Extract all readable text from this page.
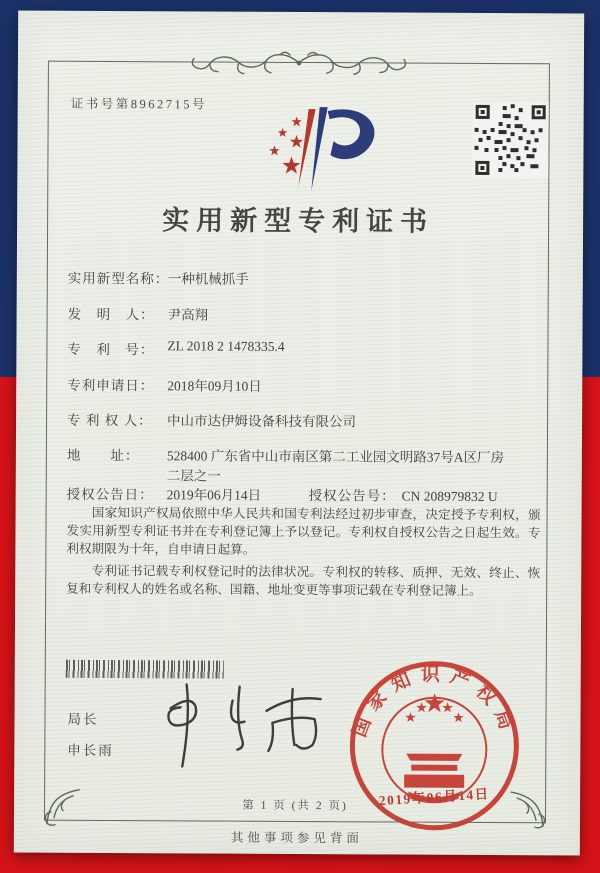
证书号第8962715号
实用新型专利证书
实用新型名称：一种机械抓手
发　明　人： 尹高翔
专　利　号： ZL 2018 2 1478335.4
专利申请日： 2018年09月10日
专 利 权 人： 中山市达伊姆设备科技有限公司
地　　址： 528400 广东省中山市南区第二工业园文明路37号A区厂房
二层之一
授权公告日： 2019年06月14日	授权公告号： CN 208979832 U

国家知识产权局依照中华人民共和国专利法经过初步审查，决定授予专利权，颁发实用新型专利证书并在专利登记簿上予以登记。专利权自授权公告之日起生效。专利权期限为十年，自申请日起算。

专利证书记载专利权登记时的法律状况。专利权的转移、质押、无效、终止、恢复和专利权人的姓名或名称、国籍、地址变更等事项记载在专利登记簿上。

局长
申长雨
国家知识产权局
2019年06月14日
第 1 页 (共 2 页)
其他事项参见背面
